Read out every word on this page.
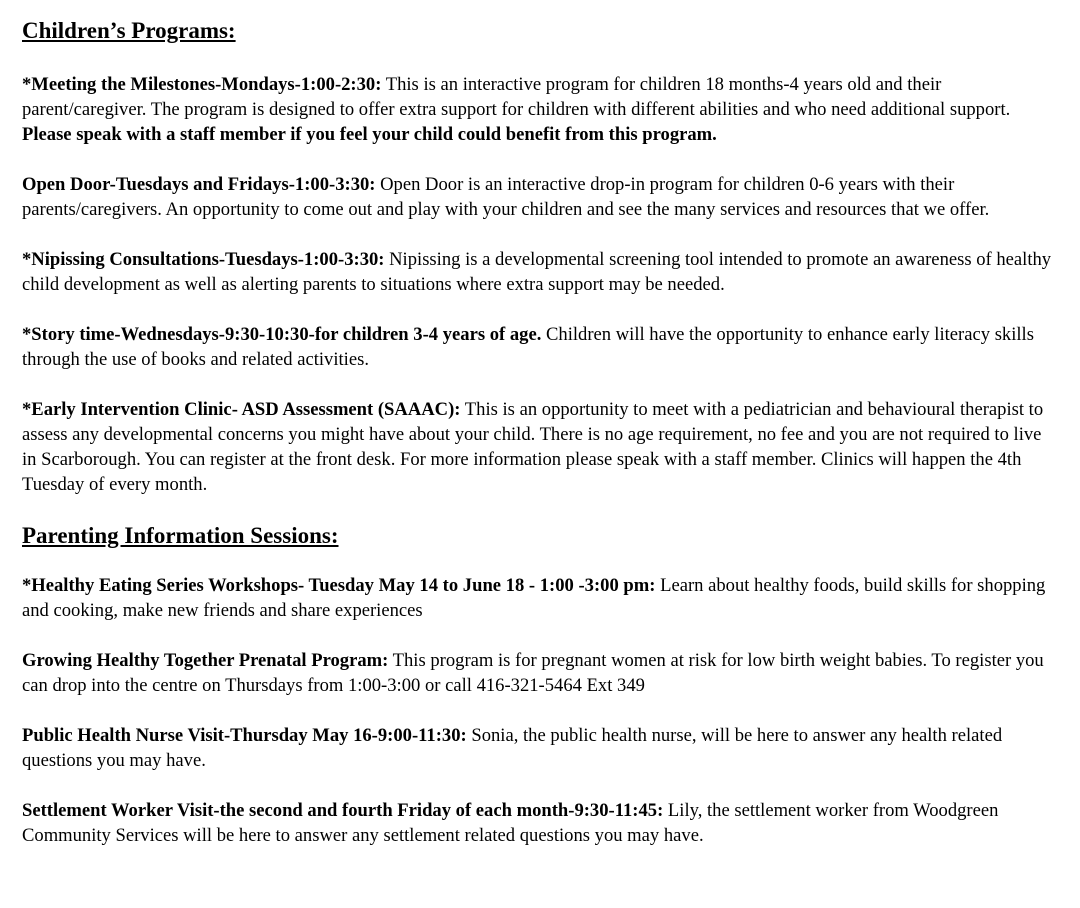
Children’s Programs:

*Meeting the Milestones-Mondays-1:00-2:30: This is an interactive program for children 18 months-4 years old and their parent/caregiver. The program is designed to offer extra support for children with different abilities and who need additional support. Please speak with a staff member if you feel your child could benefit from this program.

Open Door-Tuesdays and Fridays-1:00-3:30: Open Door is an interactive drop-in program for children 0-6 years with their parents/caregivers. An opportunity to come out and play with your children and see the many services and resources that we offer.

*Nipissing Consultations-Tuesdays-1:00-3:30: Nipissing is a developmental screening tool intended to promote an awareness of healthy child development as well as alerting parents to situations where extra support may be needed.

*Story time-Wednesdays-9:30-10:30-for children 3-4 years of age. Children will have the opportunity to enhance early literacy skills through the use of books and related activities.

*Early Intervention Clinic- ASD Assessment (SAAAC): This is an opportunity to meet with a pediatrician and behavioural therapist to assess any developmental concerns you might have about your child. There is no age requirement, no fee and you are not required to live in Scarborough. You can register at the front desk. For more information please speak with a staff member. Clinics will happen the 4th Tuesday of every month.

Parenting Information Sessions:

*Healthy Eating Series Workshops- Tuesday May 14 to June 18 - 1:00 -3:00 pm: Learn about healthy foods, build skills for shopping and cooking, make new friends and share experiences

Growing Healthy Together Prenatal Program: This program is for pregnant women at risk for low birth weight babies. To register you can drop into the centre on Thursdays from 1:00-3:00 or call 416-321-5464 Ext 349

Public Health Nurse Visit-Thursday May 16-9:00-11:30: Sonia, the public health nurse, will be here to answer any health related questions you may have.

Settlement Worker Visit-the second and fourth Friday of each month-9:30-11:45: Lily, the settlement worker from Woodgreen Community Services will be here to answer any settlement related questions you may have.
